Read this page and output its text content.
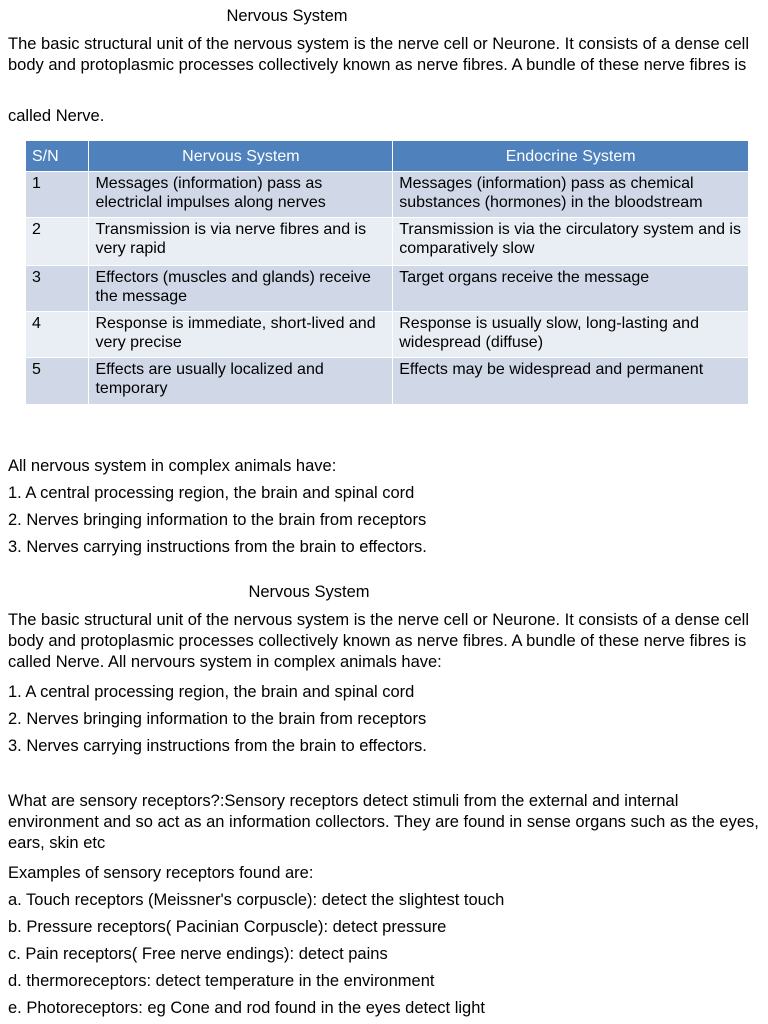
Nervous System
The basic structural unit of the nervous system is the nerve cell or Neurone. It consists of a dense cell body and protoplasmic processes collectively known as nerve fibres. A bundle of these nerve fibres is
called Nerve.
S/N	Nervous System	Endocrine System
1	Messages (information) pass as electriclal impulses along nerves	Messages (information) pass as chemical substances (hormones) in the bloodstream
2	Transmission is via nerve fibres and is very rapid	Transmission is via the circulatory system and is comparatively slow
3	Effectors (muscles and glands) receive the message	Target organs receive the message
4	Response is immediate, short-lived and very precise	Response is usually slow, long-lasting and widespread (diffuse)
5	Effects are usually localized and temporary	Effects may be widespread and permanent
All nervous system in complex animals have:
1. A central processing region, the brain and spinal cord
2. Nerves bringing information to the brain from receptors
3. Nerves carrying instructions from the brain to effectors.
Nervous System
The basic structural unit of the nervous system is the nerve cell or Neurone. It consists of a dense cell body and protoplasmic processes collectively known as nerve fibres. A bundle of these nerve fibres is called Nerve. All nervours system in complex animals have:
1. A central processing region, the brain and spinal cord
2. Nerves bringing information to the brain from receptors
3. Nerves carrying instructions from the brain to effectors.
What are sensory receptors?:Sensory receptors detect stimuli from the external and internal environment and so act as an information collectors. They are found in sense organs such as the eyes, ears, skin etc
Examples of sensory receptors found are:
a. Touch receptors (Meissner's corpuscle): detect the slightest touch
b. Pressure receptors( Pacinian Corpuscle): detect pressure
c. Pain receptors( Free nerve endings): detect pains
d. thermoreceptors: detect temperature in the environment
e. Photoreceptors: eg Cone and rod found in the eyes detect light
